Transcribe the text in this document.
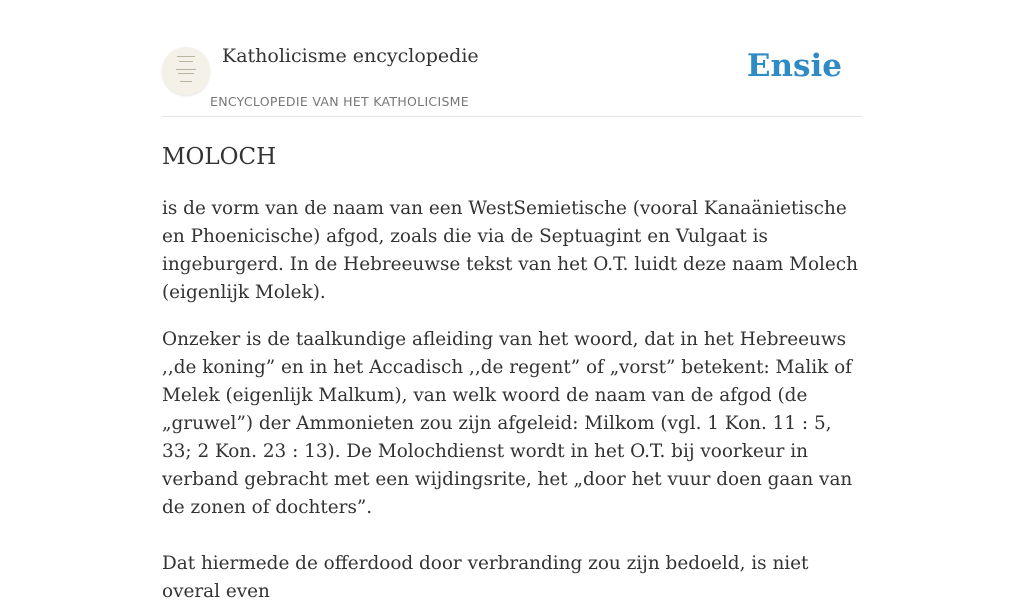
Katholicisme encyclopedie
ENCYCLOPEDIE VAN HET KATHOLICISME
Ensie
MOLOCH

is de vorm van de naam van een WestSemietische (vooral Kanaänietische en Phoenicische) afgod, zoals die via de Septuagint en Vulgaat is ingeburgerd. In de Hebreeuwse tekst van het O.T. luidt deze naam Molech (eigenlijk Molek).

Onzeker is de taalkundige afleiding van het woord, dat in het Hebreeuws ,,de koning” en in het Accadisch ,,de regent” of „vorst” betekent: Malik of Melek (eigenlijk Malkum), van welk woord de naam van de afgod (de „gruwel”) der Ammonieten zou zijn afgeleid: Milkom (vgl. 1 Kon. 11 : 5, 33; 2 Kon. 23 : 13). De Molochdienst wordt in het O.T. bij voorkeur in verband gebracht met een wijdingsrite, het „door het vuur doen gaan van de zonen of dochters”.

Dat hiermede de offerdood door verbranding zou zijn bedoeld, is niet overal even
